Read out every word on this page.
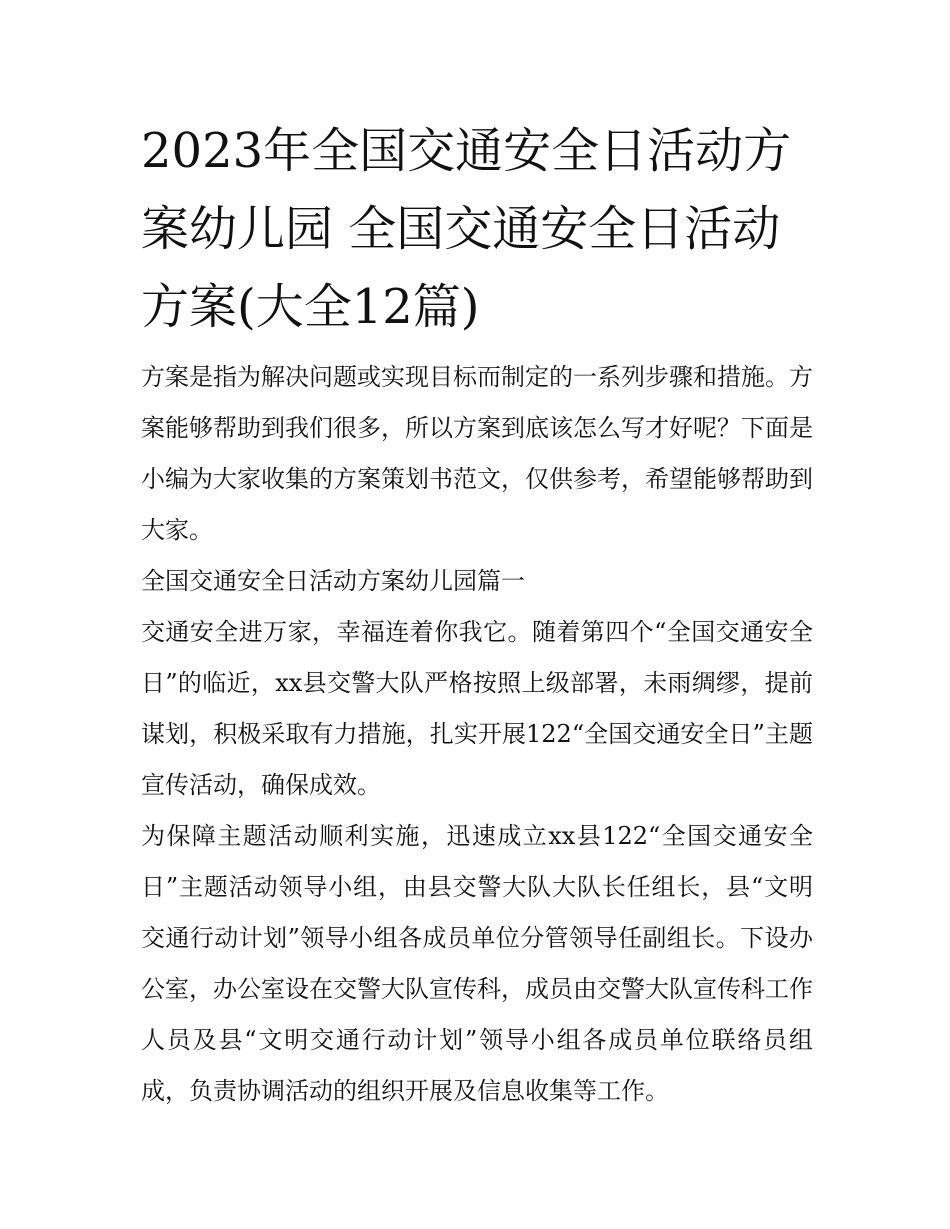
2023年全国交通安全日活动方案幼儿园 全国交通安全日活动方案(大全12篇)

方案是指为解决问题或实现目标而制定的一系列步骤和措施。方案能够帮助到我们很多，所以方案到底该怎么写才好呢？下面是小编为大家收集的方案策划书范文，仅供参考，希望能够帮助到大家。

全国交通安全日活动方案幼儿园篇一

交通安全进万家，幸福连着你我它。随着第四个“全国交通安全日”的临近，xx县交警大队严格按照上级部署，未雨绸缪，提前谋划，积极采取有力措施，扎实开展122“全国交通安全日”主题宣传活动，确保成效。

为保障主题活动顺利实施，迅速成立xx县122“全国交通安全日”主题活动领导小组，由县交警大队大队长任组长，县“文明交通行动计划”领导小组各成员单位分管领导任副组长。下设办公室，办公室设在交警大队宣传科，成员由交警大队宣传科工作人员及县“文明交通行动计划”领导小组各成员单位联络员组成，负责协调活动的组织开展及信息收集等工作。
